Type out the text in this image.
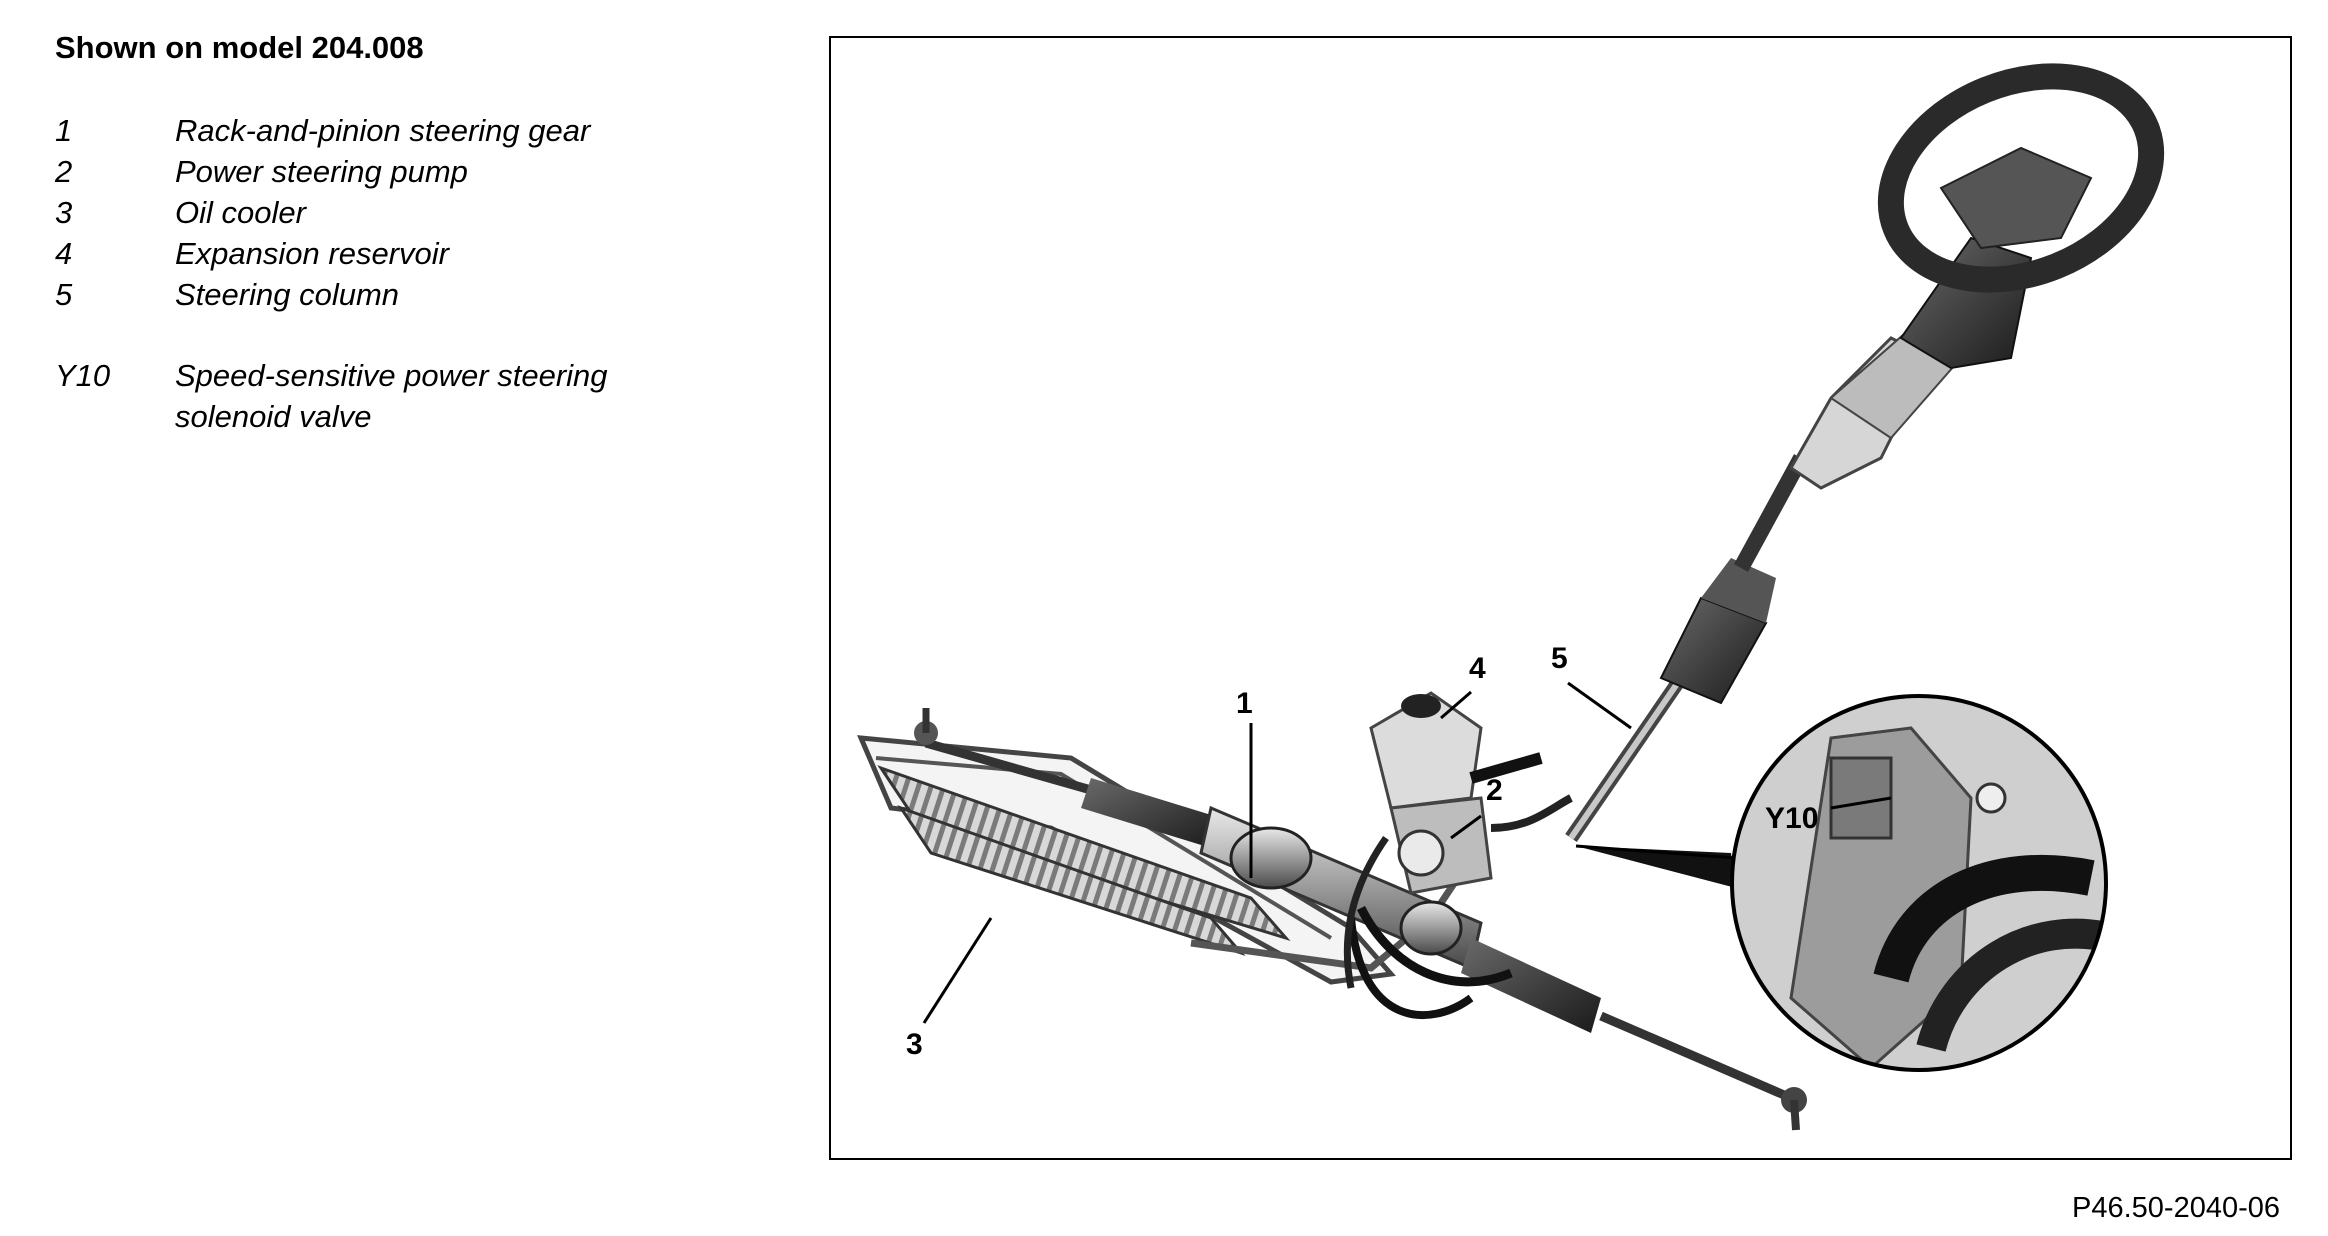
Shown on model 204.008
1	Rack-and-pinion steering gear
2	Power steering pump
3	Oil cooler
4	Expansion reservoir
5	Steering column
Y10	Speed-sensitive power steering
solenoid valve
1
2
3
4 5
Y10
P46.50-2040-06
